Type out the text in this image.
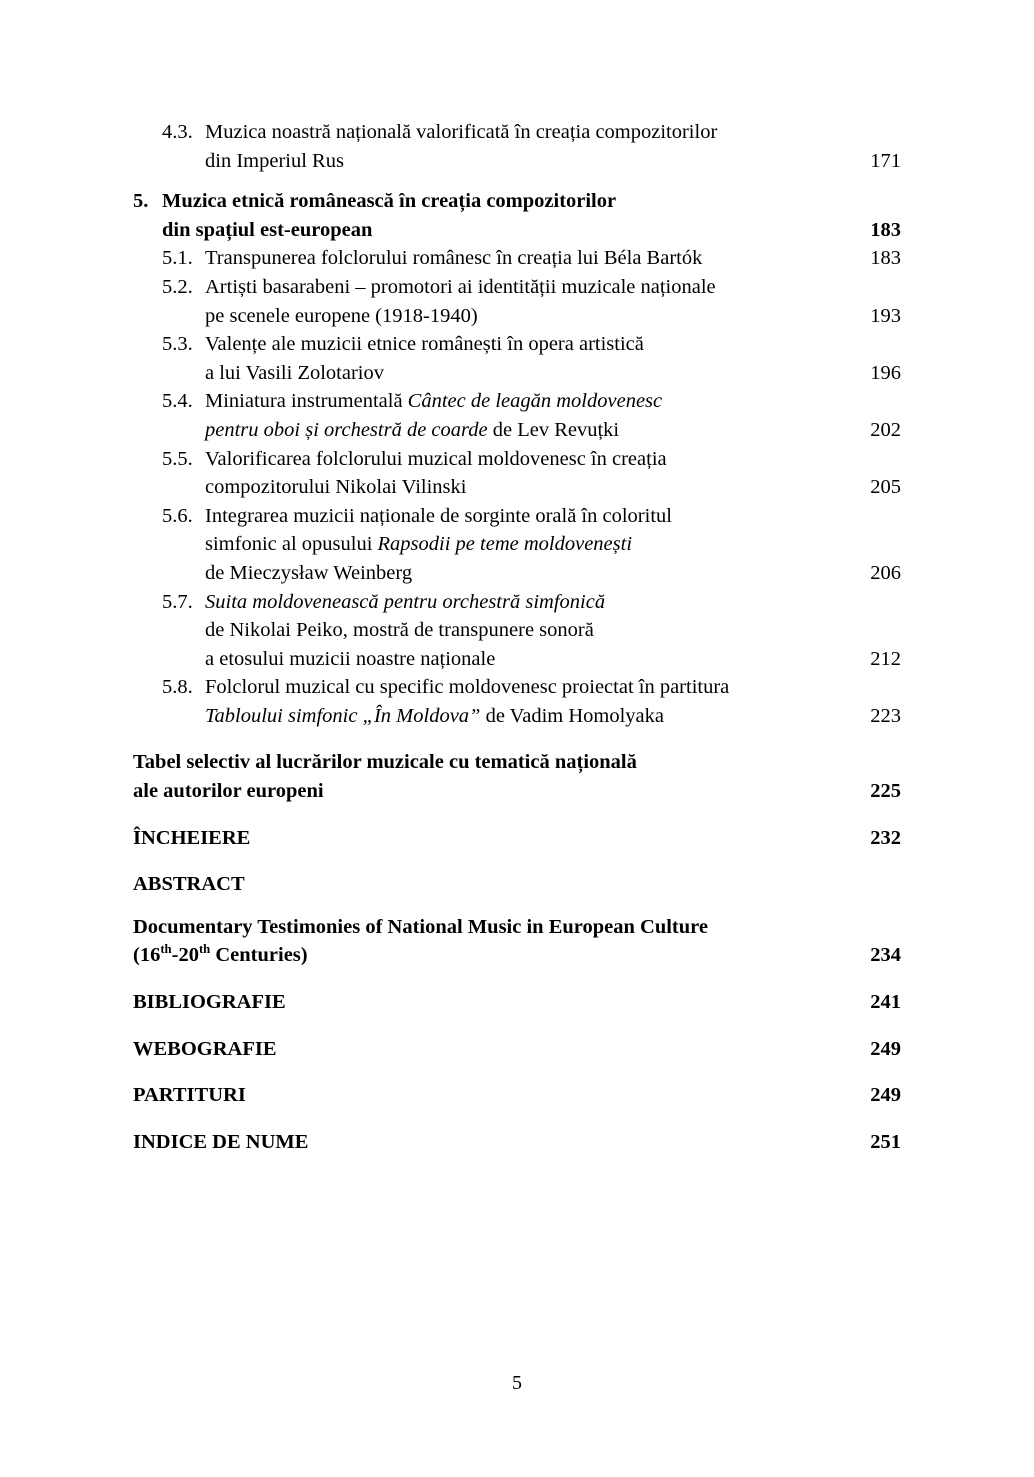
4.3. Muzica noastră națională valorificată în creația compozitorilor
din Imperiul Rus	171
5. Muzica etnică românească în creația compozitorilor
din spațiul est-european	183
5.1. Transpunerea folclorului românesc în creația lui Béla Bartók	183
5.2. Artiști basarabeni – promotori ai identității muzicale naționale
pe scenele europene (1918-1940)	193
5.3. Valențe ale muzicii etnice românești în opera artistică
a lui Vasili Zolotariov	196
5.4. Miniatura instrumentală Cântec de leagăn moldovenesc
pentru oboi și orchestră de coarde de Lev Revuțki	202
5.5. Valorificarea folclorului muzical moldovenesc în creația
compozitorului Nikolai Vilinski	205
5.6. Integrarea muzicii naționale de sorginte orală în coloritul
simfonic al opusului Rapsodii pe teme moldovenești
de Mieczysław Weinberg	206
5.7. Suita moldovenească pentru orchestră simfonică
de Nikolai Peiko, mostră de transpunere sonoră
a etosului muzicii noastre naționale	212
5.8. Folclorul muzical cu specific moldovenesc proiectat în partitura
Tabloului simfonic „În Moldova” de Vadim Homolyaka	223
Tabel selectiv al lucrărilor muzicale cu tematică națională
ale autorilor europeni	225
ÎNCHEIERE	232
ABSTRACT
Documentary Testimonies of National Music in European Culture
(16th-20th Centuries)	234
BIBLIOGRAFIE	241
WEBOGRAFIE	249
PARTITURI	249
INDICE DE NUME	251
5
